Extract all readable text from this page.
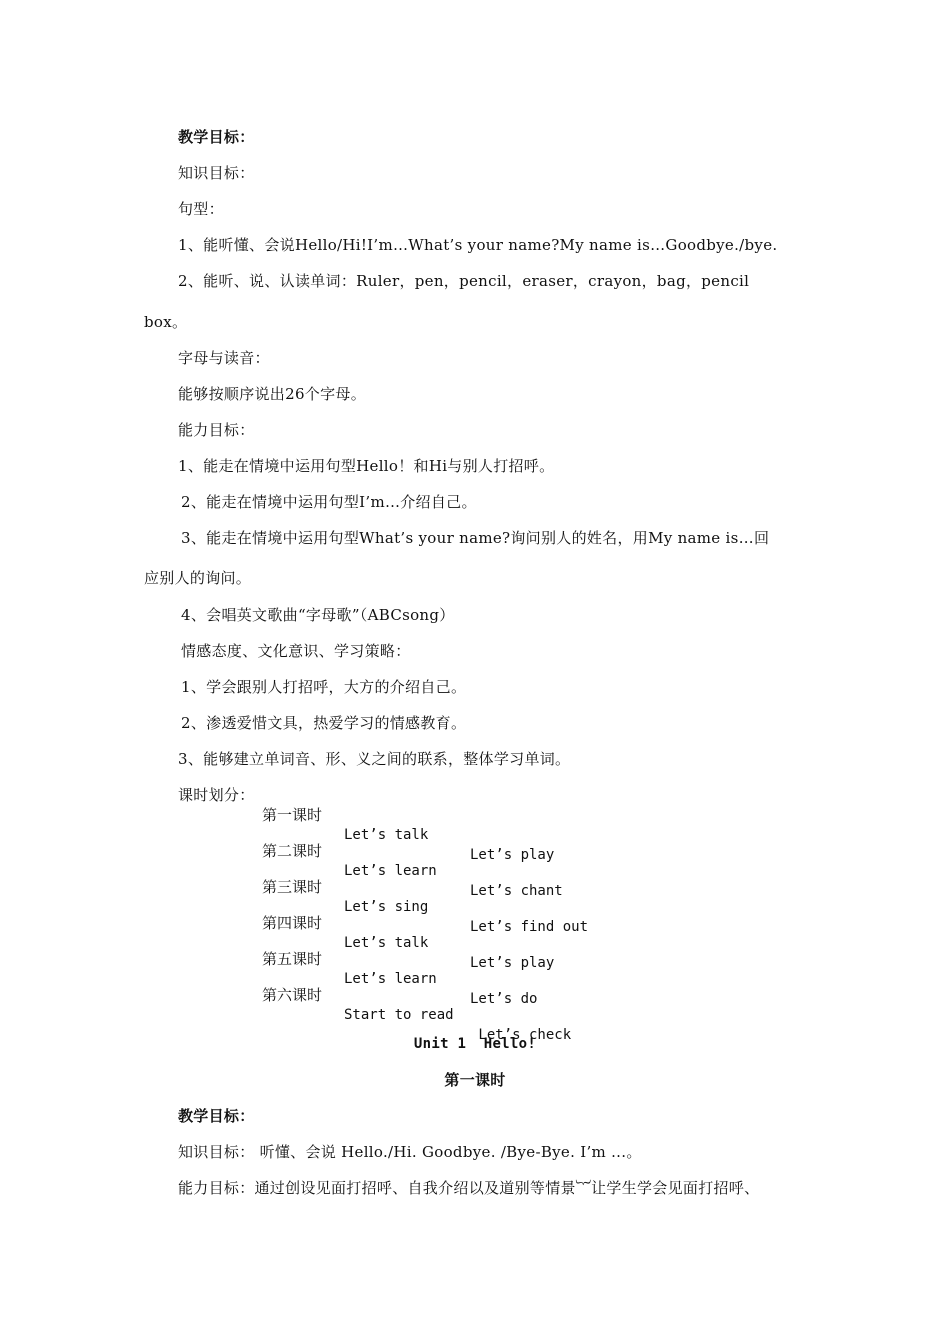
教学目标：
知识目标：
句型：
1、能听懂、会说Hello/Hi!I’m…What’s your name?My name is…Goodbye./bye.
2、能听、说、认读单词：Ruler，pen，pencil，eraser，crayon，bag，pencil
box。
字母与读音：
能够按顺序说出26个字母。
能力目标：
1、能走在情境中运用句型Hello！和Hi与别人打招呼。
2、能走在情境中运用句型I’m…介绍自己。
3、能走在情境中运用句型What’s your name?询问别人的姓名，用My name is…回
应别人的询问。
4、会唱英文歌曲“字母歌”（ABCsong）
情感态度、文化意识、学习策略：
1、学会跟别人打招呼，大方的介绍自己。
2、渗透爱惜文具，热爱学习的情感教育。
3、能够建立单词音、形、义之间的联系，整体学习单词。
课时划分：

第一课时

Let’s talk

Let’s play

第二课时

Let’s learn

Let’s chant

第三课时

Let’s sing

Let’s find out

第四课时

Let’s talk

Let’s play

第五课时

Let’s learn

Let’s do

第六课时

Start to read

Let’s check

Unit 1  Hello!
第一课时
教学目标：
知识目标： 听懂、会说 Hello./Hi. Goodbye. /Bye-Bye. I’m ...。
能力目标：通过创设见面打招呼、自我介绍以及道别等情景︸让学生学会见面打招呼、
